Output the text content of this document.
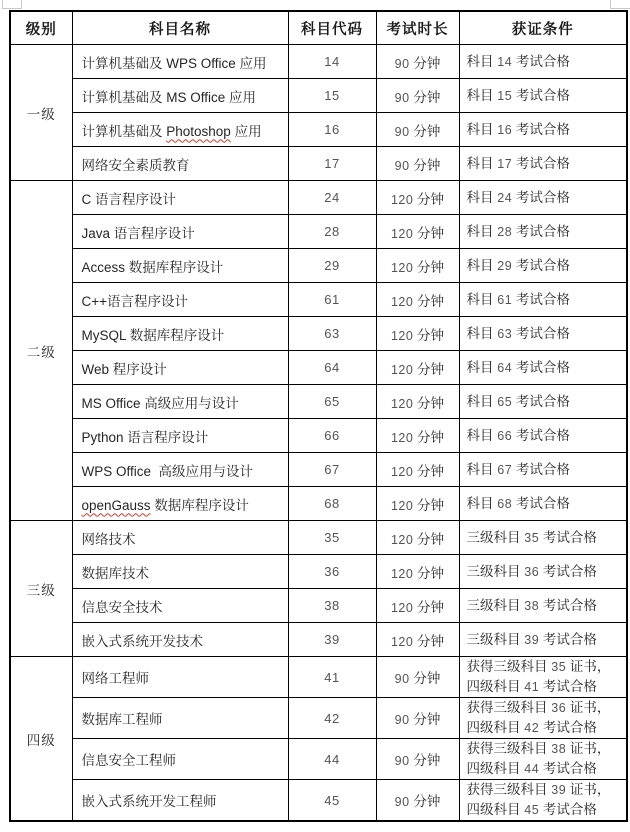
级别	科目名称	科目代码	考试时长	获证条件
一级	计算机基础及 WPS Office 应用	14	90 分钟	科目 14 考试合格
	计算机基础及 MS Office 应用	15	90 分钟	科目 15 考试合格
	计算机基础及 Photoshop 应用	16	90 分钟	科目 16 考试合格
	网络安全素质教育	17	90 分钟	科目 17 考试合格
二级	C 语言程序设计	24	120 分钟	科目 24 考试合格
	Java 语言程序设计	28	120 分钟	科目 28 考试合格
	Access 数据库程序设计	29	120 分钟	科目 29 考试合格
	C++语言程序设计	61	120 分钟	科目 61 考试合格
	MySQL 数据库程序设计	63	120 分钟	科目 63 考试合格
	Web 程序设计	64	120 分钟	科目 64 考试合格
	MS Office 高级应用与设计	65	120 分钟	科目 65 考试合格
	Python 语言程序设计	66	120 分钟	科目 66 考试合格
	WPS Office  高级应用与设计	67	120 分钟	科目 67 考试合格
	openGauss 数据库程序设计	68	120 分钟	科目 68 考试合格
三级	网络技术	35	120 分钟	三级科目 35 考试合格
	数据库技术	36	120 分钟	三级科目 36 考试合格
	信息安全技术	38	120 分钟	三级科目 38 考试合格
	嵌入式系统开发技术	39	120 分钟	三级科目 39 考试合格
四级	网络工程师	41	90 分钟	获得三级科目 35 证书，
四级科目 41 考试合格
	数据库工程师	42	90 分钟	获得三级科目 36 证书，
四级科目 42 考试合格
	信息安全工程师	44	90 分钟	获得三级科目 38 证书，
四级科目 44 考试合格
	嵌入式系统开发工程师	45	90 分钟	获得三级科目 39 证书，
四级科目 45 考试合格
